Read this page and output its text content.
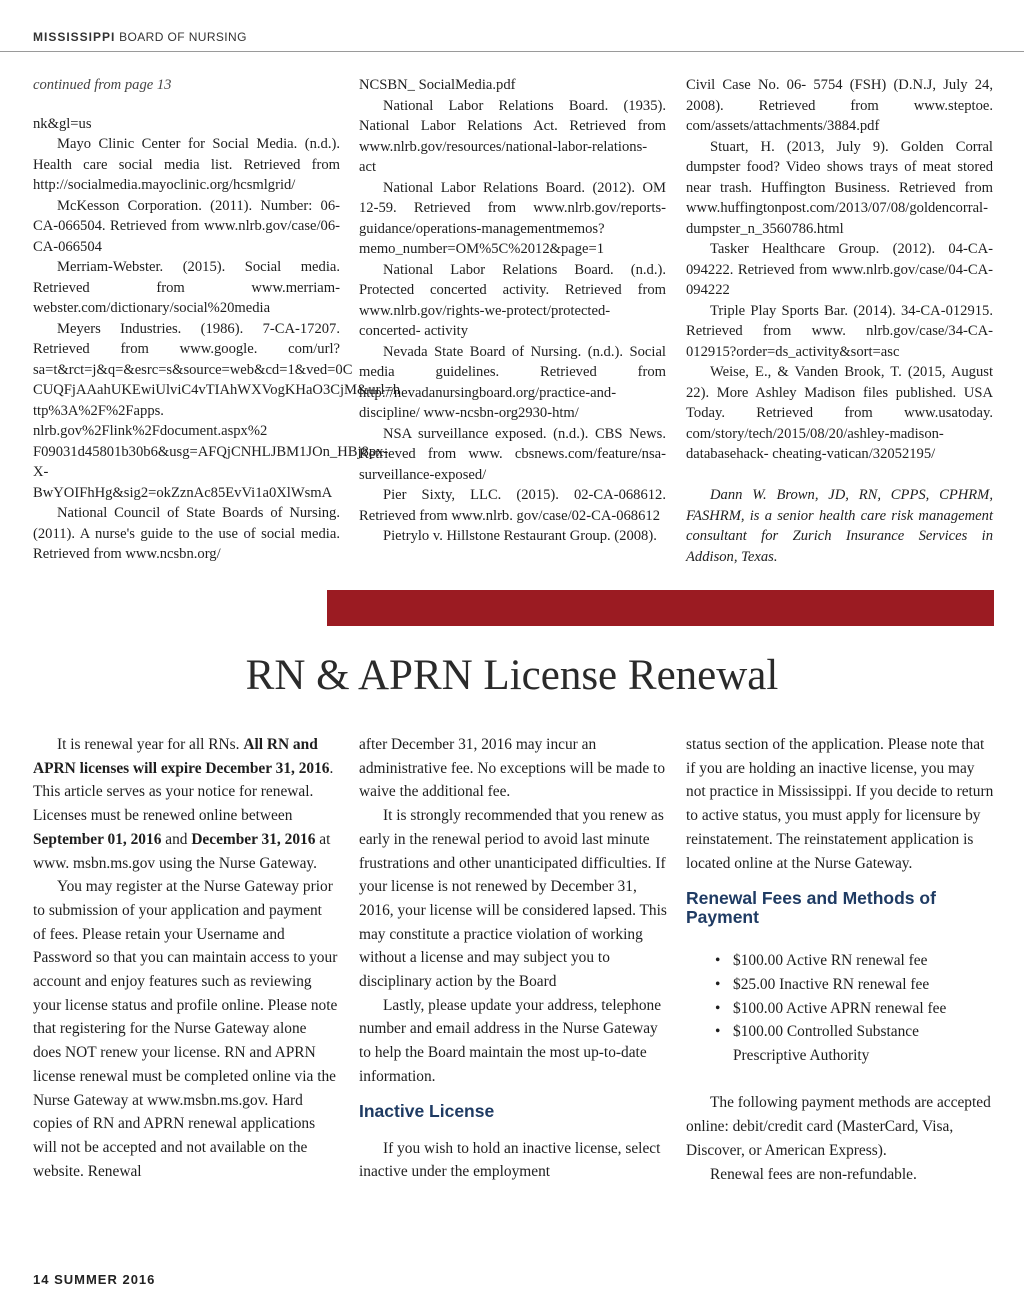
MISSISSIPPI BOARD OF NURSING

continued from page 13

nk&gl=us

Mayo Clinic Center for Social Media. (n.d.). Health care social media list. Retrieved from http://socialmedia.mayoclinic.org/hcsmlgrid/

McKesson Corporation. (2011). Number: 06-CA-066504. Retrieved from www.nlrb.gov/case/06-CA-066504

Merriam-Webster. (2015). Social media. Retrieved from www.merriam- webster.com/dictionary/social%20media

Meyers Industries. (1986). 7-CA-17207. Retrieved from www.google. com/url?sa=t&rct=j&q=&esrc=s&source=web&cd=1&ved=0C CUQFjAAahUKEwiUlviC4vTIAhWXVogKHaO3CjM&url=h ttp%3A%2F%2Fapps. nlrb.gov%2Flink%2Fdocument.aspx%2 F09031d45801b30b6&usg=AFQjCNHLJBM1JOn_HBj8px- X-BwYOIFhHg&sig2=okZznAc85EvVi1a0XlWsmA

National Council of State Boards of Nursing. (2011). A nurse's guide to the use of social media. Retrieved from www.ncsbn.org/

NCSBN_ SocialMedia.pdf

National Labor Relations Board. (1935). National Labor Relations Act. Retrieved from www.nlrb.gov/resources/national-labor-relations- act

National Labor Relations Board. (2012). OM 12-59. Retrieved from www.nlrb.gov/reports-guidance/operations-managementmemos?memo_number=OM%5C%2012&page=1

National Labor Relations Board. (n.d.). Protected concerted activity. Retrieved from www.nlrb.gov/rights-we-protect/protected-concerted- activity

Nevada State Board of Nursing. (n.d.). Social media guidelines. Retrieved from http://nevadanursingboard.org/practice-and-discipline/ www-ncsbn-org2930-htm/

NSA surveillance exposed. (n.d.). CBS News. Retrieved from www. cbsnews.com/feature/nsa-surveillance-exposed/

Pier Sixty, LLC. (2015). 02-CA-068612. Retrieved from www.nlrb. gov/case/02-CA-068612

Pietrylo v. Hillstone Restaurant Group. (2008).

Civil Case No. 06- 5754 (FSH) (D.N.J, July 24, 2008). Retrieved from www.steptoe. com/assets/attachments/3884.pdf

Stuart, H. (2013, July 9). Golden Corral dumpster food? Video shows trays of meat stored near trash. Huffington Business. Retrieved from www.huffingtonpost.com/2013/07/08/goldencorral- dumpster_n_3560786.html

Tasker Healthcare Group. (2012). 04-CA-094222. Retrieved from www.nlrb.gov/case/04-CA-094222

Triple Play Sports Bar. (2014). 34-CA-012915. Retrieved from www. nlrb.gov/case/34-CA-012915?order=ds_activity&sort=asc

Weise, E., & Vanden Brook, T. (2015, August 22). More Ashley Madison files published. USA Today. Retrieved from www.usatoday. com/story/tech/2015/08/20/ashley-madison-databasehack- cheating-vatican/32052195/

Dann W. Brown, JD, RN, CPPS, CPHRM, FASHRM, is a senior health care risk management consultant for Zurich Insurance Services in Addison, Texas.

RN & APRN License Renewal

It is renewal year for all RNs. All RN and APRN licenses will expire December 31, 2016. This article serves as your notice for renewal. Licenses must be renewed online between September 01, 2016 and December 31, 2016 at www. msbn.ms.gov using the Nurse Gateway.

You may register at the Nurse Gateway prior to submission of your application and payment of fees. Please retain your Username and Password so that you can maintain access to your account and enjoy features such as reviewing your license status and profile online. Please note that registering for the Nurse Gateway alone does NOT renew your license. RN and APRN license renewal must be completed online via the Nurse Gateway at www.msbn.ms.gov. Hard copies of RN and APRN renewal applications will not be accepted and not available on the website. Renewal

after December 31, 2016 may incur an administrative fee. No exceptions will be made to waive the additional fee.

It is strongly recommended that you renew as early in the renewal period to avoid last minute frustrations and other unanticipated difficulties. If your license is not renewed by December 31, 2016, your license will be considered lapsed. This may constitute a practice violation of working without a license and may subject you to disciplinary action by the Board

Lastly, please update your address, telephone number and email address in the Nurse Gateway to help the Board maintain the most up-to-date information.

Inactive License

If you wish to hold an inactive license, select inactive under the employment

status section of the application. Please note that if you are holding an inactive license, you may not practice in Mississippi. If you decide to return to active status, you must apply for licensure by reinstatement. The reinstatement application is located online at the Nurse Gateway.

Renewal Fees and Methods of Payment
• $100.00 Active RN renewal fee
• $25.00 Inactive RN renewal fee
• $100.00 Active APRN renewal fee
• $100.00 Controlled Substance Prescriptive Authority

The following payment methods are accepted online: debit/credit card (MasterCard, Visa, Discover, or American Express).

Renewal fees are non-refundable.

14 SUMMER 2016
